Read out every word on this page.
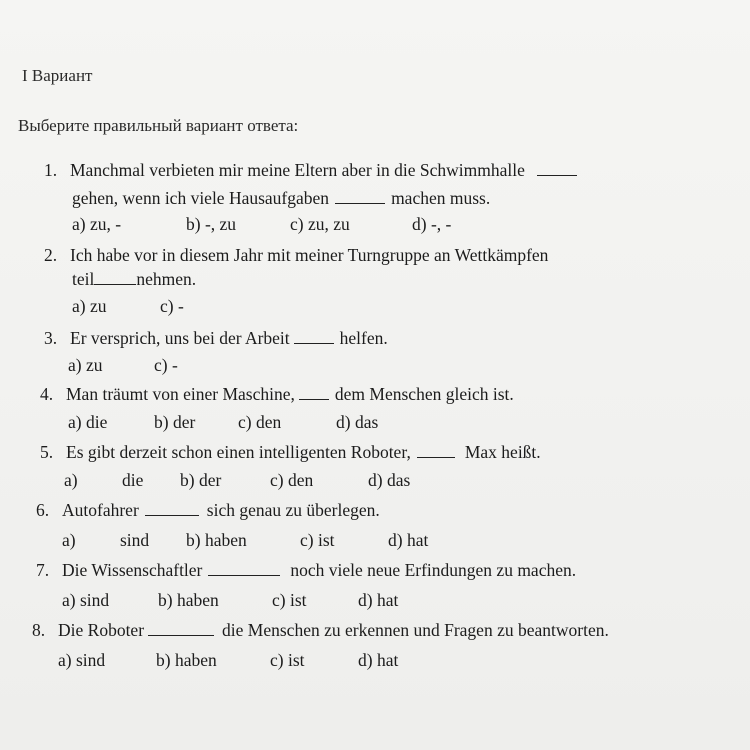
I Вариант
Выберите правильный вариант ответа:
1. Manchmal verbieten mir meine Eltern aber in die Schwimmhalle
gehen, wenn ich viele Hausaufgaben	machen muss.
a) zu, -	b) -, zu	c) zu, zu	d) -, -
2. Ich habe vor in diesem Jahr mit meiner Turngruppe an Wettkämpfen
teil nehmen.
a) zu	c) -
3. Er versprich, uns bei der Arbeit	helfen.
a) zu	c) -
4. Man träumt von einer Maschine, dem Menschen gleich ist.
a) die	b) der c) den	d) das
5. Es gibt derzeit schon einen intelligenten Roboter,	Max heißt.
a)	die b) der	c) den	d) das
6. Autofahrer	sich genau zu überlegen.
a)	sind b) haben	c) ist	d) hat
7. Die Wissenschaftler	noch viele neue Erfindungen zu machen.
a) sind	b) haben	c) ist	d) hat
8. Die Roboter	die Menschen zu erkennen und Fragen zu beantworten.
a) sind	b) haben	c) ist	d) hat
